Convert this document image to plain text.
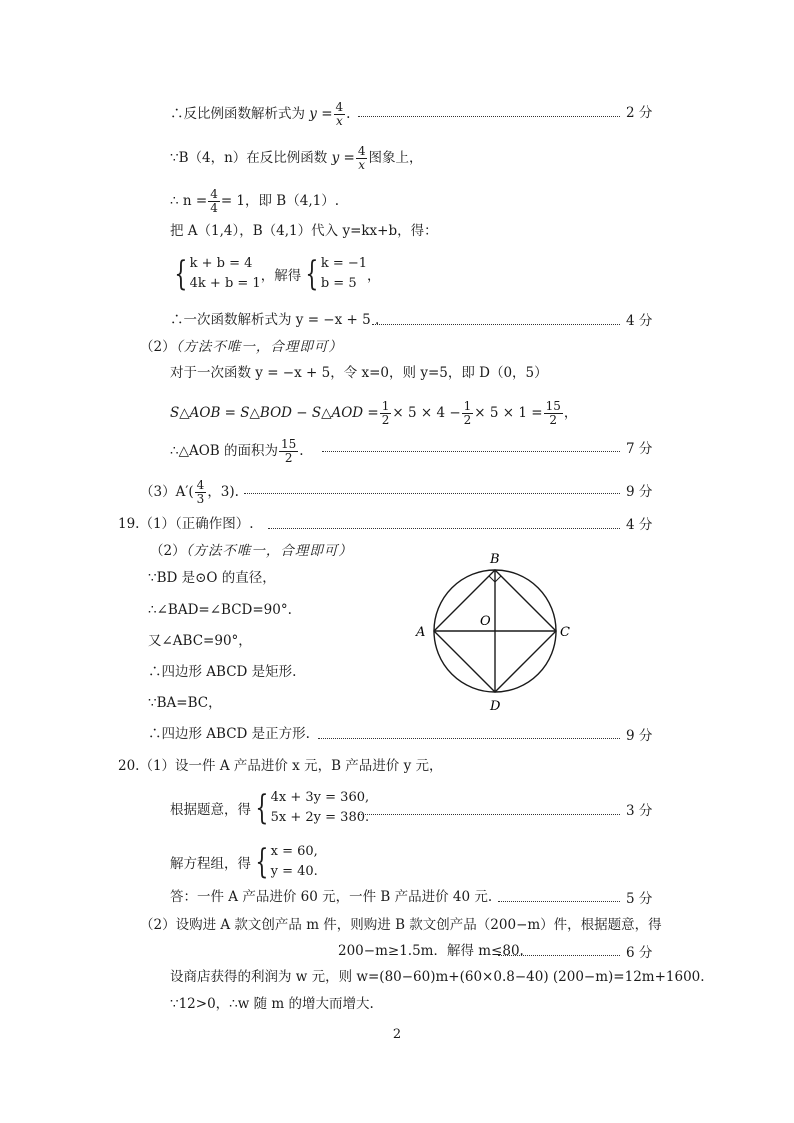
∴反比例函数解析式为 $y = \frac{4}{x}$ .	2 分
∵B（4，n）在反比例函数 $y = \frac{4}{x}$ 图象上，
∴ $n = \frac{4}{4} = 1$，即 B（4,1）.
把 A（1,4），B（4,1）代入 y=kx+b，得：
{ k + b = 4
4k + b = 1，解得 { k = −1
b = 5 ，
∴一次函数解析式为 y = −x + 5 .	4 分
（2）（方法不唯一，合理即可）
对于一次函数 y = −x + 5，令 x=0，则 y=5，即 D（0，5）
S△AOB = S△BOD − S△AOD = $\frac{1}{2} \times 5 \times 4 - \frac{1}{2} \times 5 \times 1 = \frac{15}{2}$ ，
∴△AOB 的面积为 $\frac{15}{2}$ .	7 分
$(3)A'( \frac{4}{3}$ ，3).	9 分
19.（1）（正确作图）.	4 分
（2）（方法不唯一，合理即可）
∵BD 是⊙O 的直径，
∴∠BAD=∠BCD=90°.
又∠ABC=90°，
∴四边形 ABCD 是矩形.
∵BA=BC，
∴四边形 ABCD 是正方形.	9 分
B
A	C
D
O
20.（1）设一件 A 产品进价 x 元，B 产品进价 y 元，
根据题意，得 { 4x + 3y = 360,
5x + 2y = 380.	3 分
解方程组，得 { x = 60,
y = 40.
答：一件 A 产品进价 60 元，一件 B 产品进价 40 元.	5 分
（2）设购进 A 款文创产品 m 件，则购进 B 款文创产品（200−m）件，根据题意，得
200−m≥1.5m．解得 m≤80.	6 分
设商店获得的利润为 w 元，则 w=(80−60)m+(60×0.8−40) (200−m)=12m+1600.
∵12>0，∴w 随 m 的增大而增大.
2
